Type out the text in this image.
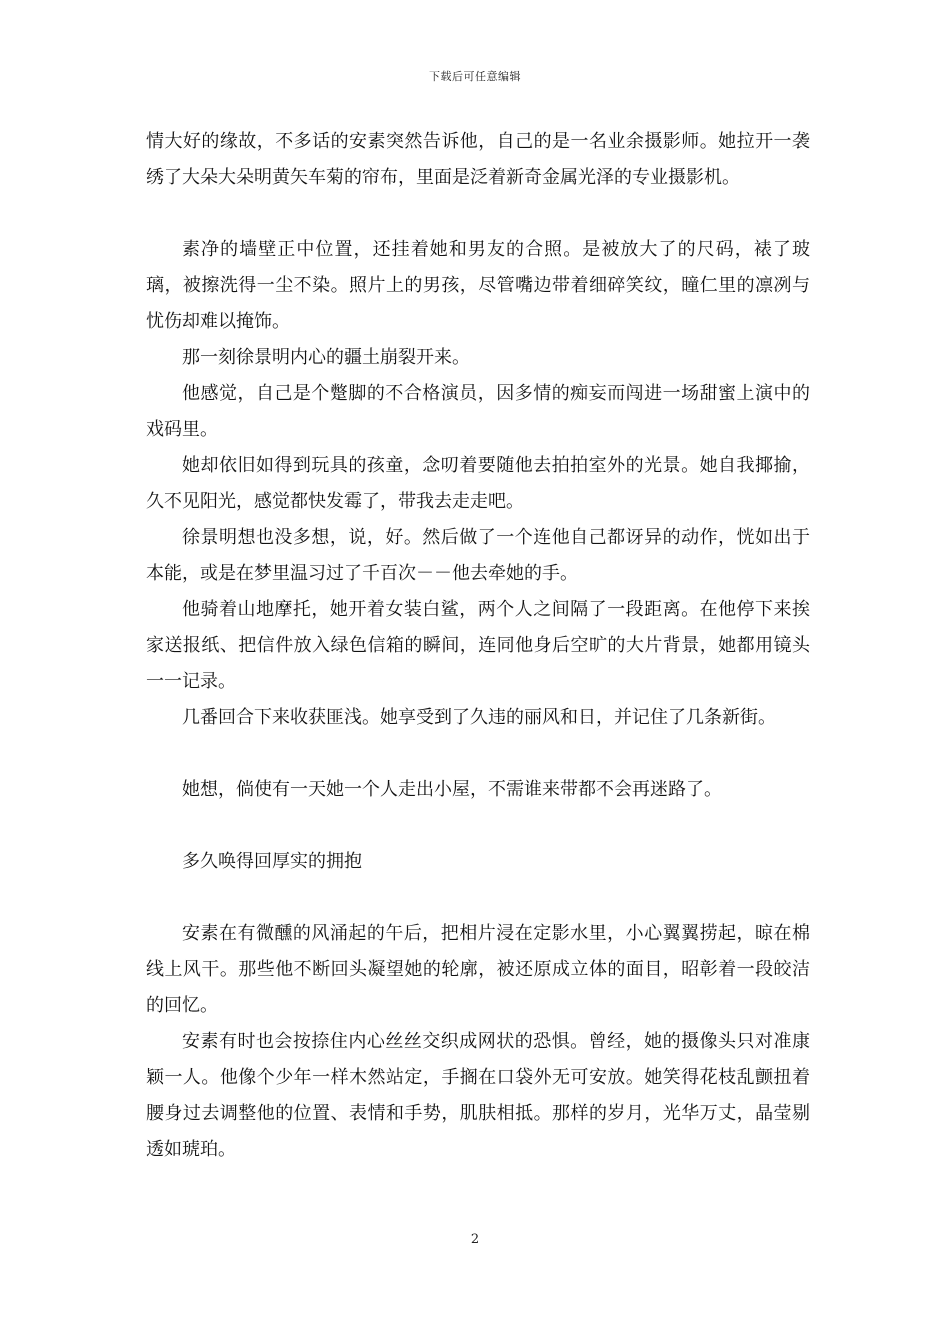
下载后可任意编辑

情大好的缘故，不多话的安素突然告诉他，自己的是一名业余摄影师。她拉开一袭绣了大朵大朵明黄矢车菊的帘布，里面是泛着新奇金属光泽的专业摄影机。

素净的墙壁正中位置，还挂着她和男友的合照。是被放大了的尺码，裱了玻璃，被擦洗得一尘不染。照片上的男孩，尽管嘴边带着细碎笑纹，瞳仁里的凛冽与忧伤却难以掩饰。

那一刻徐景明内心的疆土崩裂开来。

他感觉，自己是个蹩脚的不合格演员，因多情的痴妄而闯进一场甜蜜上演中的戏码里。

她却依旧如得到玩具的孩童，念叨着要随他去拍拍室外的光景。她自我揶揄，久不见阳光，感觉都快发霉了，带我去走走吧。

徐景明想也没多想，说，好。然后做了一个连他自己都讶异的动作，恍如出于本能，或是在梦里温习过了千百次－－他去牵她的手。

他骑着山地摩托，她开着女装白鲨，两个人之间隔了一段距离。在他停下来挨家送报纸、把信件放入绿色信箱的瞬间，连同他身后空旷的大片背景，她都用镜头一一记录。

几番回合下来收获匪浅。她享受到了久违的丽风和日，并记住了几条新街。

她想，倘使有一天她一个人走出小屋，不需谁来带都不会再迷路了。

多久唤得回厚实的拥抱

安素在有微醺的风涌起的午后，把相片浸在定影水里，小心翼翼捞起，晾在棉线上风干。那些他不断回头凝望她的轮廓，被还原成立体的面目，昭彰着一段皎洁的回忆。

安素有时也会按捺住内心丝丝交织成网状的恐惧。曾经，她的摄像头只对准康颖一人。他像个少年一样木然站定，手搁在口袋外无可安放。她笑得花枝乱颤扭着腰身过去调整他的位置、表情和手势，肌肤相抵。那样的岁月，光华万丈，晶莹剔透如琥珀。

2
